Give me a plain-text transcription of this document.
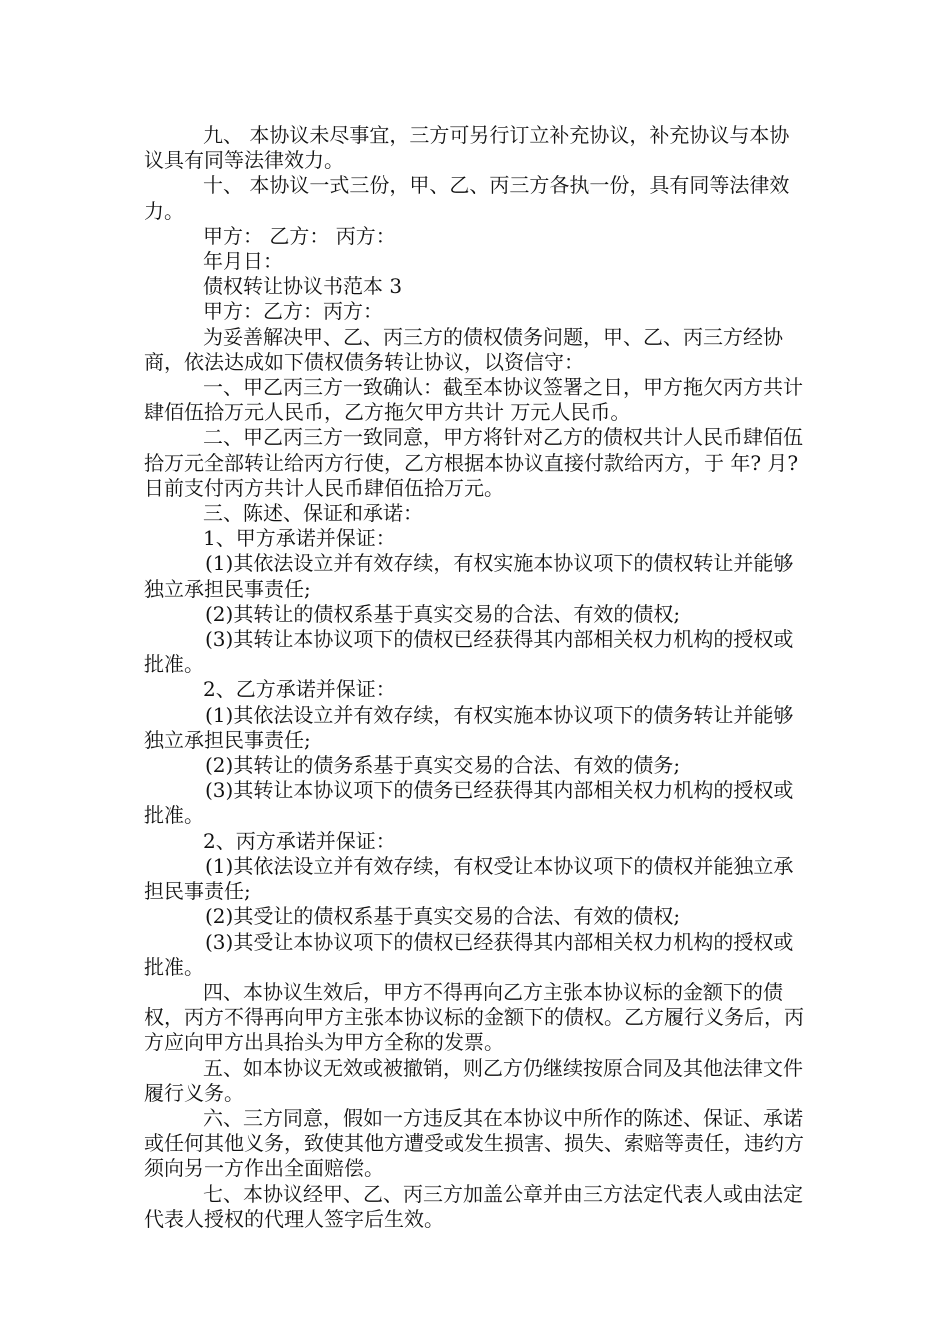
九、 本协议未尽事宜，三方可另行订立补充协议，补充协议与本协议具有同等法律效力。

十、 本协议一式三份，甲、乙、丙三方各执一份，具有同等法律效力。

甲方： 乙方： 丙方：

年月日：

债权转让协议书范本 3

甲方：乙方：丙方：

为妥善解决甲、乙、丙三方的债权债务问题，甲、乙、丙三方经协商，依法达成如下债权债务转让协议，以资信守：

一、甲乙丙三方一致确认：截至本协议签署之日，甲方拖欠丙方共计肆佰伍拾万元人民币，乙方拖欠甲方共计 万元人民币。

二、甲乙丙三方一致同意，甲方将针对乙方的债权共计人民币肆佰伍拾万元全部转让给丙方行使，乙方根据本协议直接付款给丙方，于 年? 月?日前支付丙方共计人民币肆佰伍拾万元。

三、陈述、保证和承诺：

1、甲方承诺并保证：

(1)其依法设立并有效存续，有权实施本协议项下的债权转让并能够独立承担民事责任;

(2)其转让的债权系基于真实交易的合法、有效的债权;

(3)其转让本协议项下的债权已经获得其内部相关权力机构的授权或批准。

2、乙方承诺并保证：

(1)其依法设立并有效存续，有权实施本协议项下的债务转让并能够独立承担民事责任;

(2)其转让的债务系基于真实交易的合法、有效的债务;

(3)其转让本协议项下的债务已经获得其内部相关权力机构的授权或批准。

2、丙方承诺并保证：

(1)其依法设立并有效存续，有权受让本协议项下的债权并能独立承担民事责任;

(2)其受让的债权系基于真实交易的合法、有效的债权;

(3)其受让本协议项下的债权已经获得其内部相关权力机构的授权或批准。

四、本协议生效后，甲方不得再向乙方主张本协议标的金额下的债权，丙方不得再向甲方主张本协议标的金额下的债权。乙方履行义务后，丙方应向甲方出具抬头为甲方全称的发票。

五、如本协议无效或被撤销，则乙方仍继续按原合同及其他法律文件履行义务。

六、三方同意，假如一方违反其在本协议中所作的陈述、保证、承诺或任何其他义务，致使其他方遭受或发生损害、损失、索赔等责任，违约方须向另一方作出全面赔偿。

七、本协议经甲、乙、丙三方加盖公章并由三方法定代表人或由法定代表人授权的代理人签字后生效。
